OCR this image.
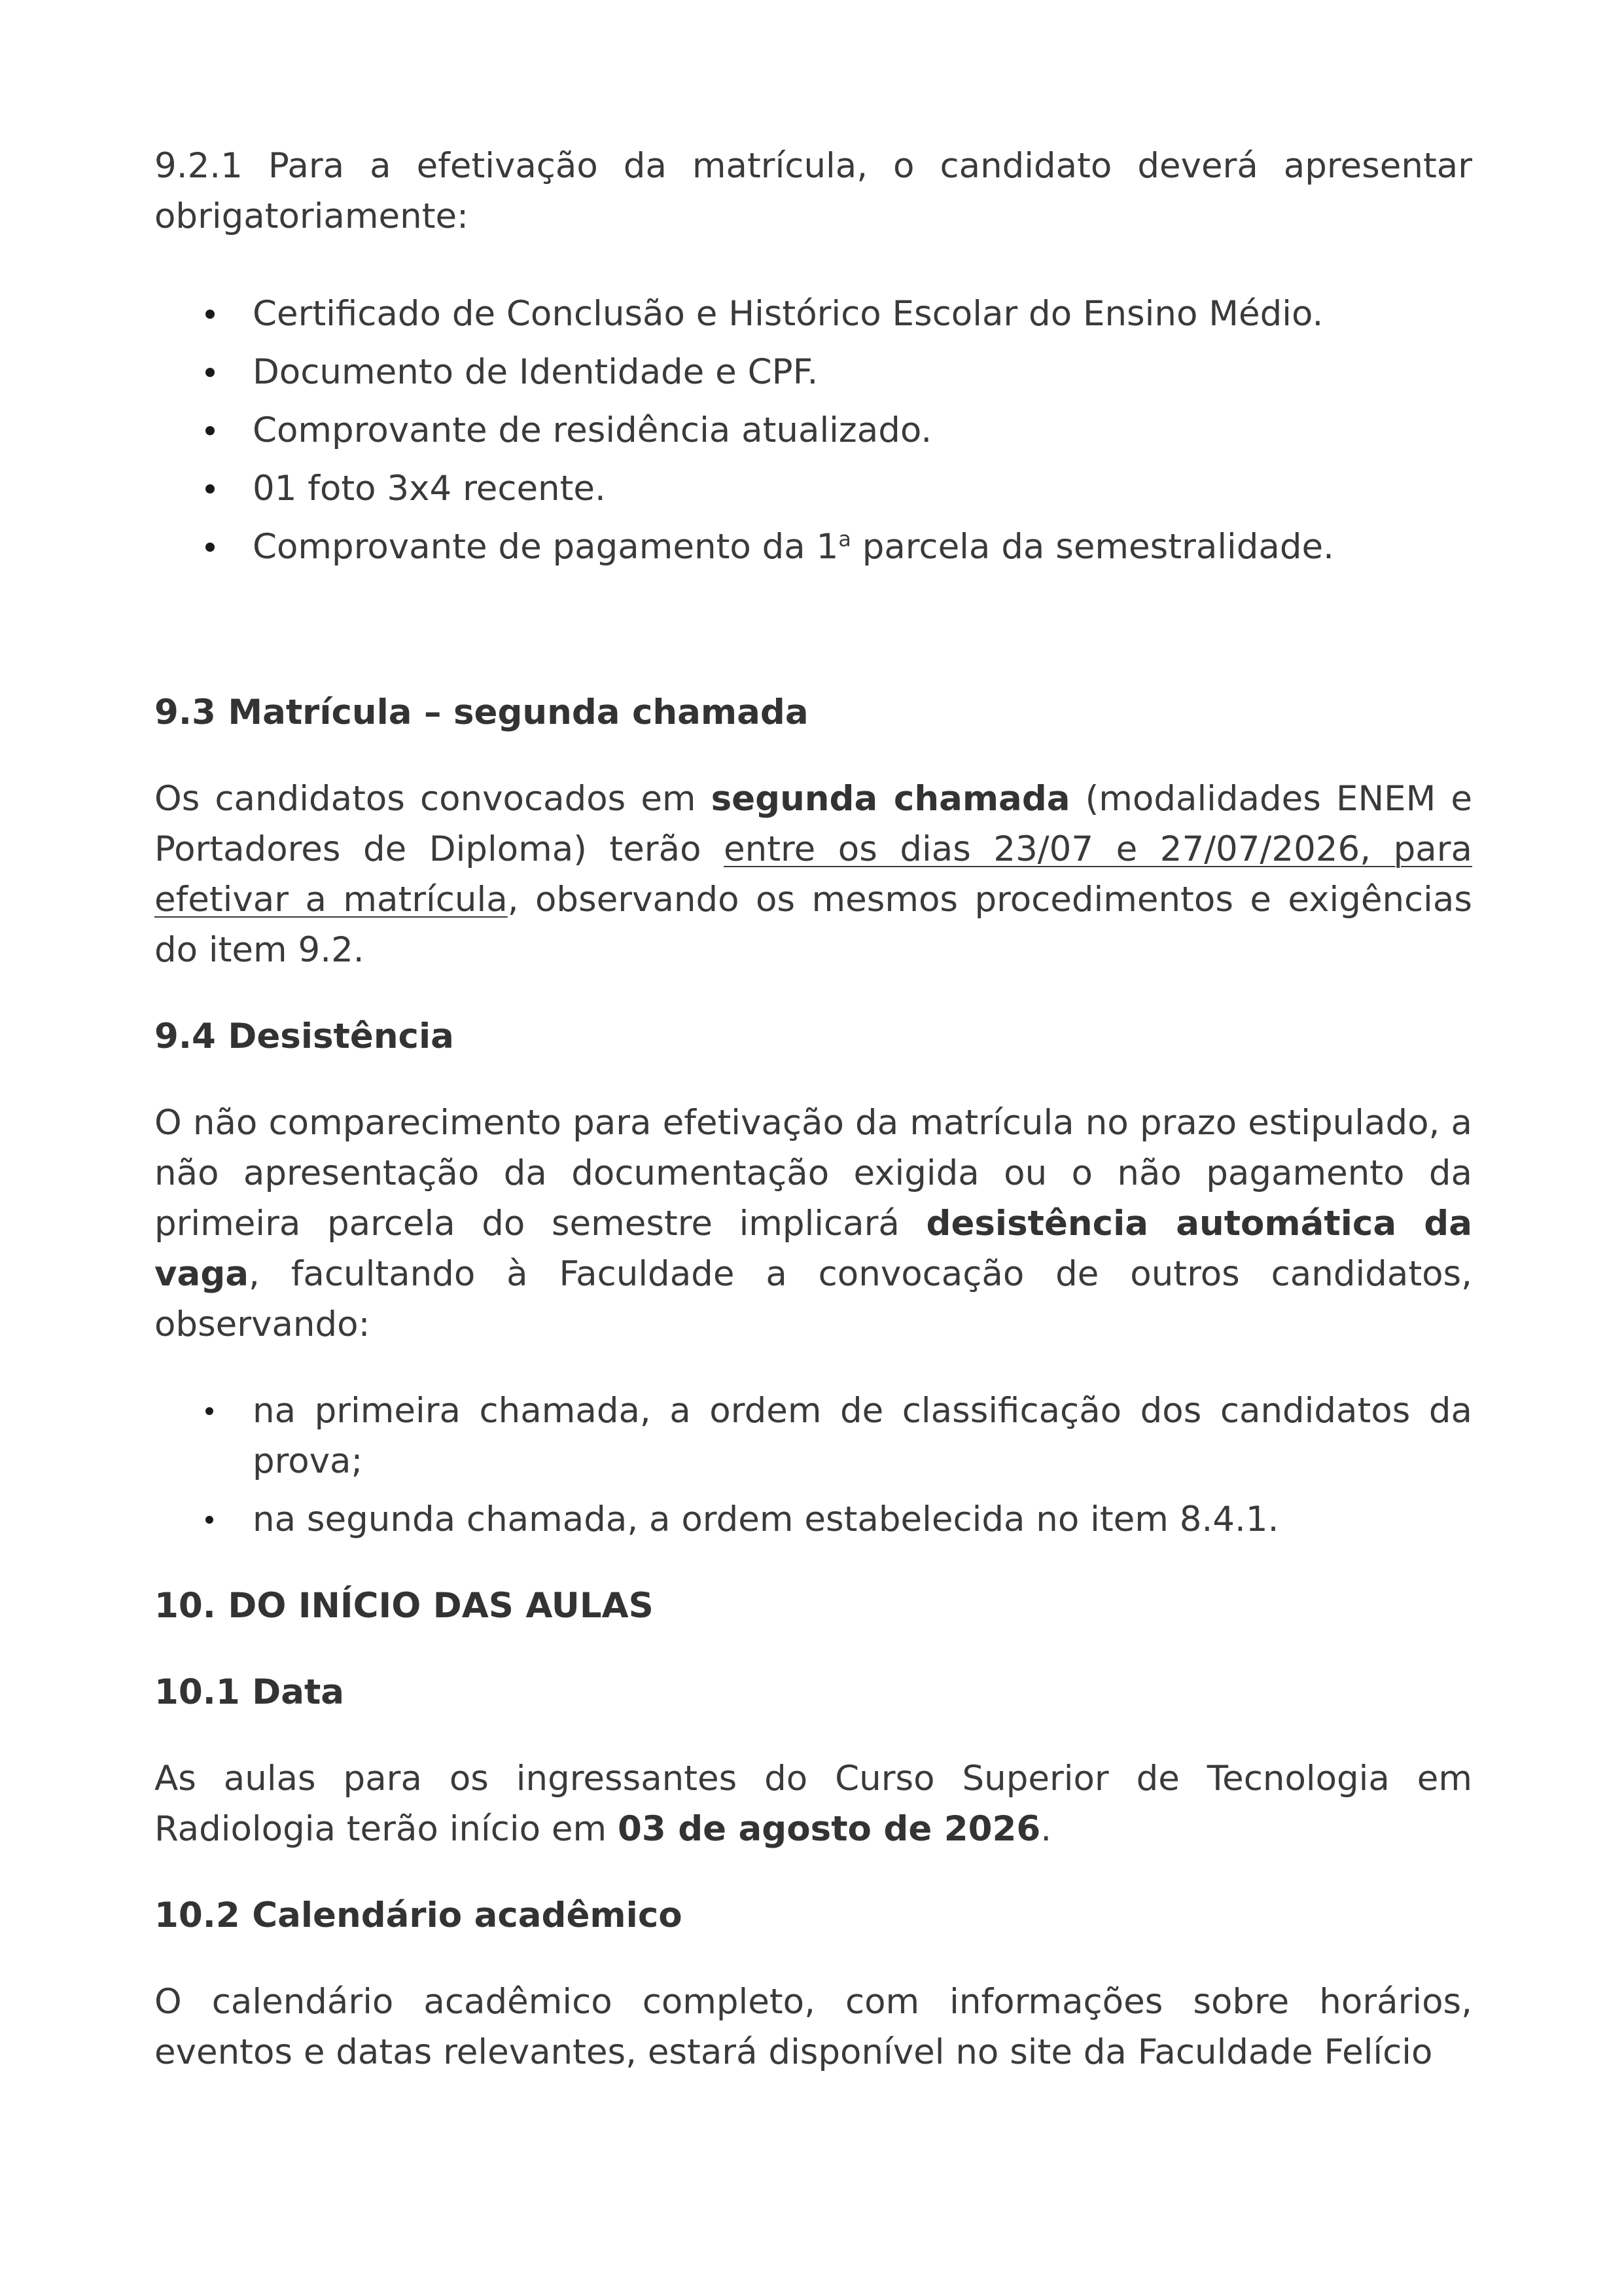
9.2.1 Para a efetivação da matrícula, o candidato deverá apresentar obrigatoriamente:

Certificado de Conclusão e Histórico Escolar do Ensino Médio.
Documento de Identidade e CPF.
Comprovante de residência atualizado.
01 foto 3x4 recente.
Comprovante de pagamento da 1$^a$ parcela da semestralidade.
9.3 Matrícula – segunda chamada

Os candidatos convocados em segunda chamada (modalidades ENEM e Portadores de Diploma) terão entre os dias 23/07 e 27/07/2026, para efetivar a matrícula, observando os mesmos procedimentos e exigências do item 9.2.

9.4 Desistência

O não comparecimento para efetivação da matrícula no prazo estipulado, a não apresentação da documentação exigida ou o não pagamento da primeira parcela do semestre implicará desistência automática da vaga, facultando à Faculdade a convocação de outros candidatos, observando:

na primeira chamada, a ordem de classificação dos candidatos da prova;
na segunda chamada, a ordem estabelecida no item 8.4.1.
10. DO INÍCIO DAS AULAS
10.1 Data

As aulas para os ingressantes do Curso Superior de Tecnologia em Radiologia terão início em 03 de agosto de 2026.

10.2 Calendário acadêmico

O calendário acadêmico completo, com informações sobre horários, eventos e datas relevantes, estará disponível no site da Faculdade Felício
